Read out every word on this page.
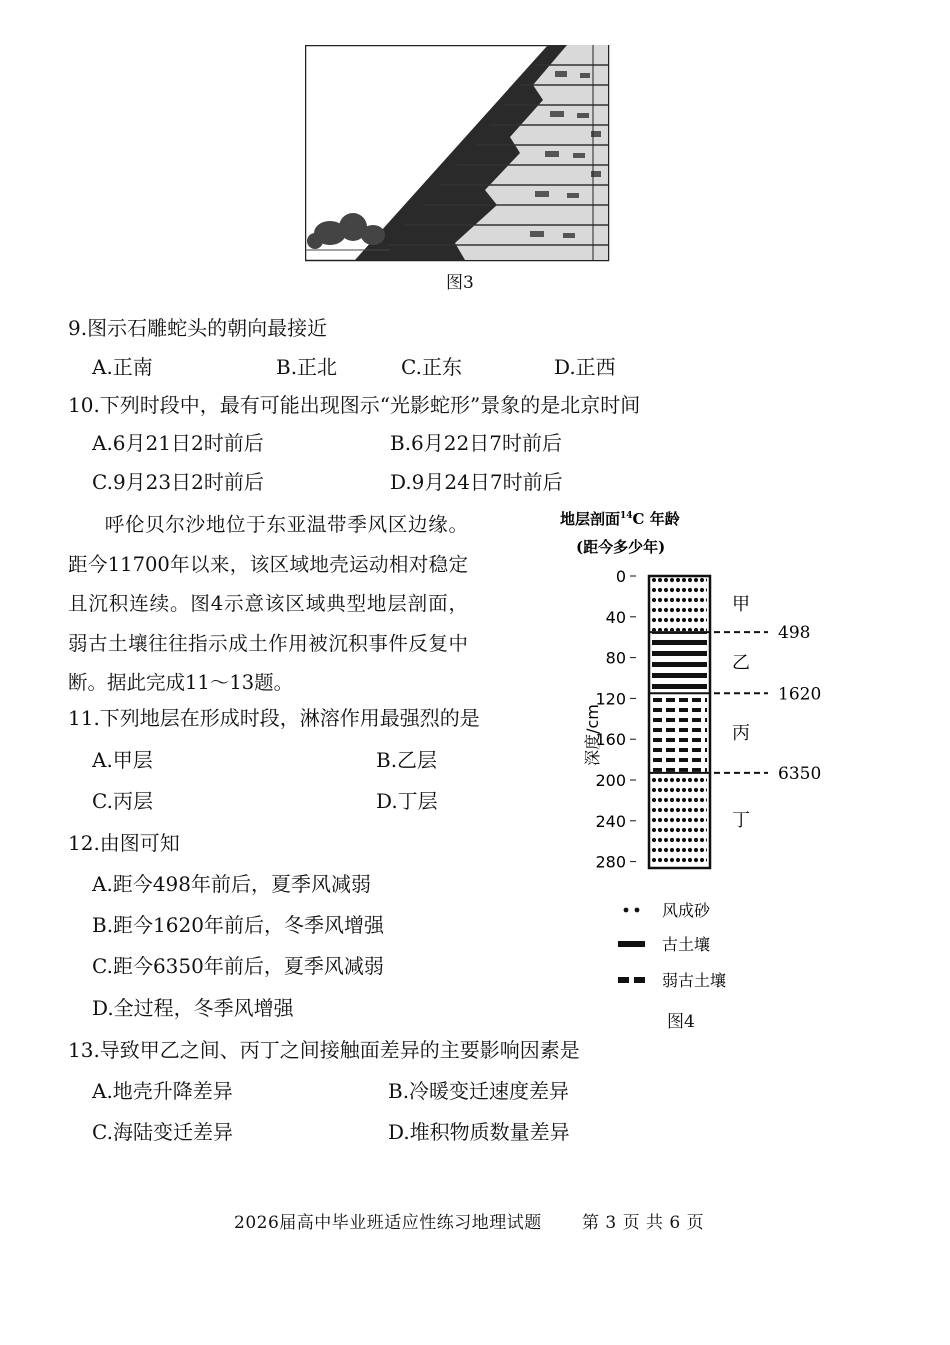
图3
9.图示石雕蛇头的朝向最接近
A.正南	B.正北	C.正东	D.正西
10.下列时段中，最有可能出现图示“光影蛇形”景象的是北京时间
A.6月21日2时前后	B.6月22日7时前后
C.9月23日2时前后	D.9月24日7时前后
呼伦贝尔沙地位于东亚温带季风区边缘。距今11700年以来，该区域地壳运动相对稳定且沉积连续。图4示意该区域典型地层剖面，弱古土壤往往指示成土作用被沉积事件反复中断。据此完成11～13题。
11.下列地层在形成时段，淋溶作用最强烈的是
A.甲层	B.乙层
C.丙层	D.丁层
12.由图可知
A.距今498年前后，夏季风减弱
B.距今1620年前后，冬季风增强
C.距今6350年前后，夏季风减弱
D.全过程，冬季风增强
13.导致甲乙之间、丙丁之间接触面差异的主要影响因素是
A.地壳升降差异	B.冷暖变迁速度差异
C.海陆变迁差异	D.堆积物质数量差异
地层剖面$^{14}$C 年龄
(距今多少年)
深度/cm
0
40
80
120
160
200
240
280
甲
乙
丙
丁
498
1620
6350
风成砂
古土壤
弱古土壤
图4
2026届高中毕业班适应性练习地理试题 第 3 页 共 6 页
